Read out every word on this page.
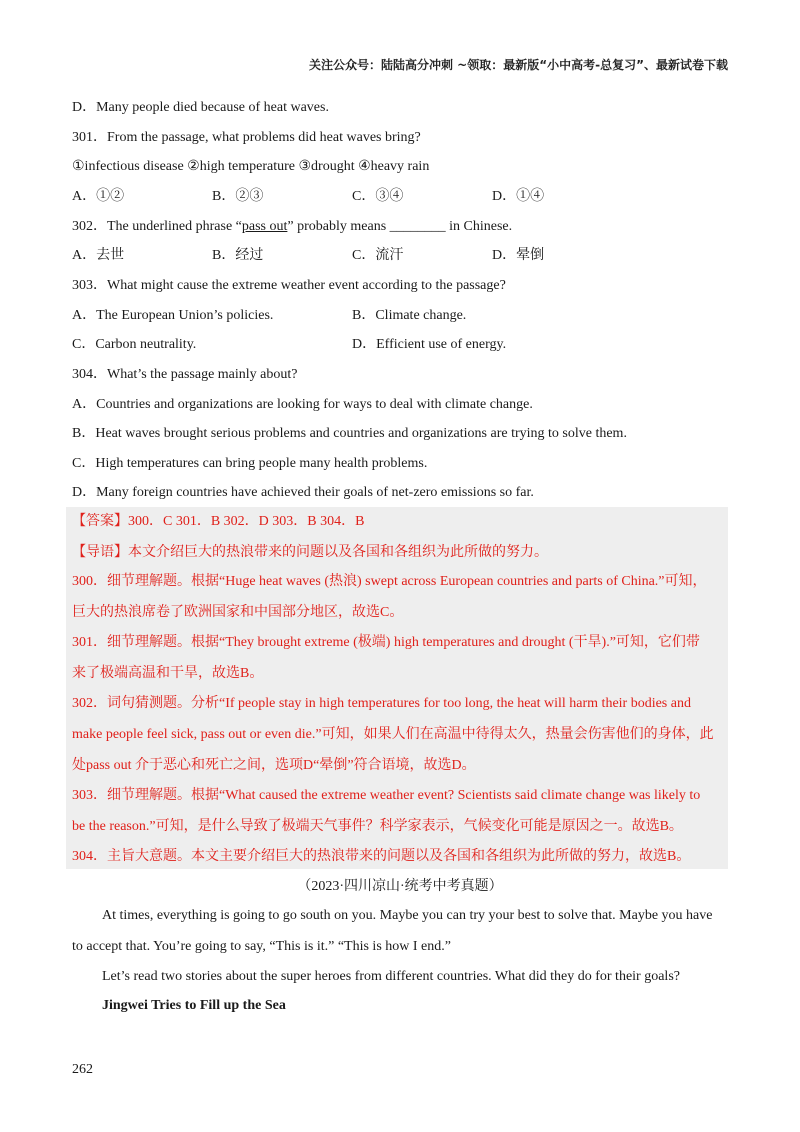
关注公众号：陆陆高分冲刺 ~领取：最新版“小中高考-总复习”、最新试卷下载
D．Many people died because of heat waves.
301．From the passage, what problems did heat waves bring?
①infectious disease ②high temperature ③drought ④heavy rain
A．①②	B．②③	C．③④	D．①④
302．The underlined phrase “pass out” probably means ________ in Chinese.
A．去世	B．经过	C．流汗	D．晕倒
303．What might cause the extreme weather event according to the passage?
A．The European Union’s policies.	B．Climate change.
C．Carbon neutrality.	D．Efficient use of energy.
304．What’s the passage mainly about?
A．Countries and organizations are looking for ways to deal with climate change.
B．Heat waves brought serious problems and countries and organizations are trying to solve them.
C．High temperatures can bring people many health problems.
D．Many foreign countries have achieved their goals of net-zero emissions so far.
【答案】300．C 301．B 302．D 303．B 304．B
【导语】本文介绍巨大的热浪带来的问题以及各国和各组织为此所做的努力。
300．细节理解题。根据“Huge heat waves (热浪) swept across European countries and parts of China.”可知，
巨大的热浪席卷了欧洲国家和中国部分地区，故选C。
301．细节理解题。根据“They brought extreme (极端) high temperatures and drought (干旱).”可知，它们带
来了极端高温和干旱，故选B。
302．词句猜测题。分析“If people stay in high temperatures for too long, the heat will harm their bodies and
make people feel sick, pass out or even die.”可知，如果人们在高温中待得太久，热量会伤害他们的身体，此
处pass out 介于恶心和死亡之间，选项D“晕倒”符合语境，故选D。
303．细节理解题。根据“What caused the extreme weather event? Scientists said climate change was likely to
be the reason.”可知，是什么导致了极端天气事件？科学家表示，气候变化可能是原因之一。故选B。
304．主旨大意题。本文主要介绍巨大的热浪带来的问题以及各国和各组织为此所做的努力，故选B。
（2023·四川凉山·统考中考真题）
At times, everything is going to go south on you. Maybe you can try your best to solve that. Maybe you have
to accept that. You’re going to say, “This is it.” “This is how I end.”
Let’s read two stories about the super heroes from different countries. What did they do for their goals?
Jingwei Tries to Fill up the Sea
262
